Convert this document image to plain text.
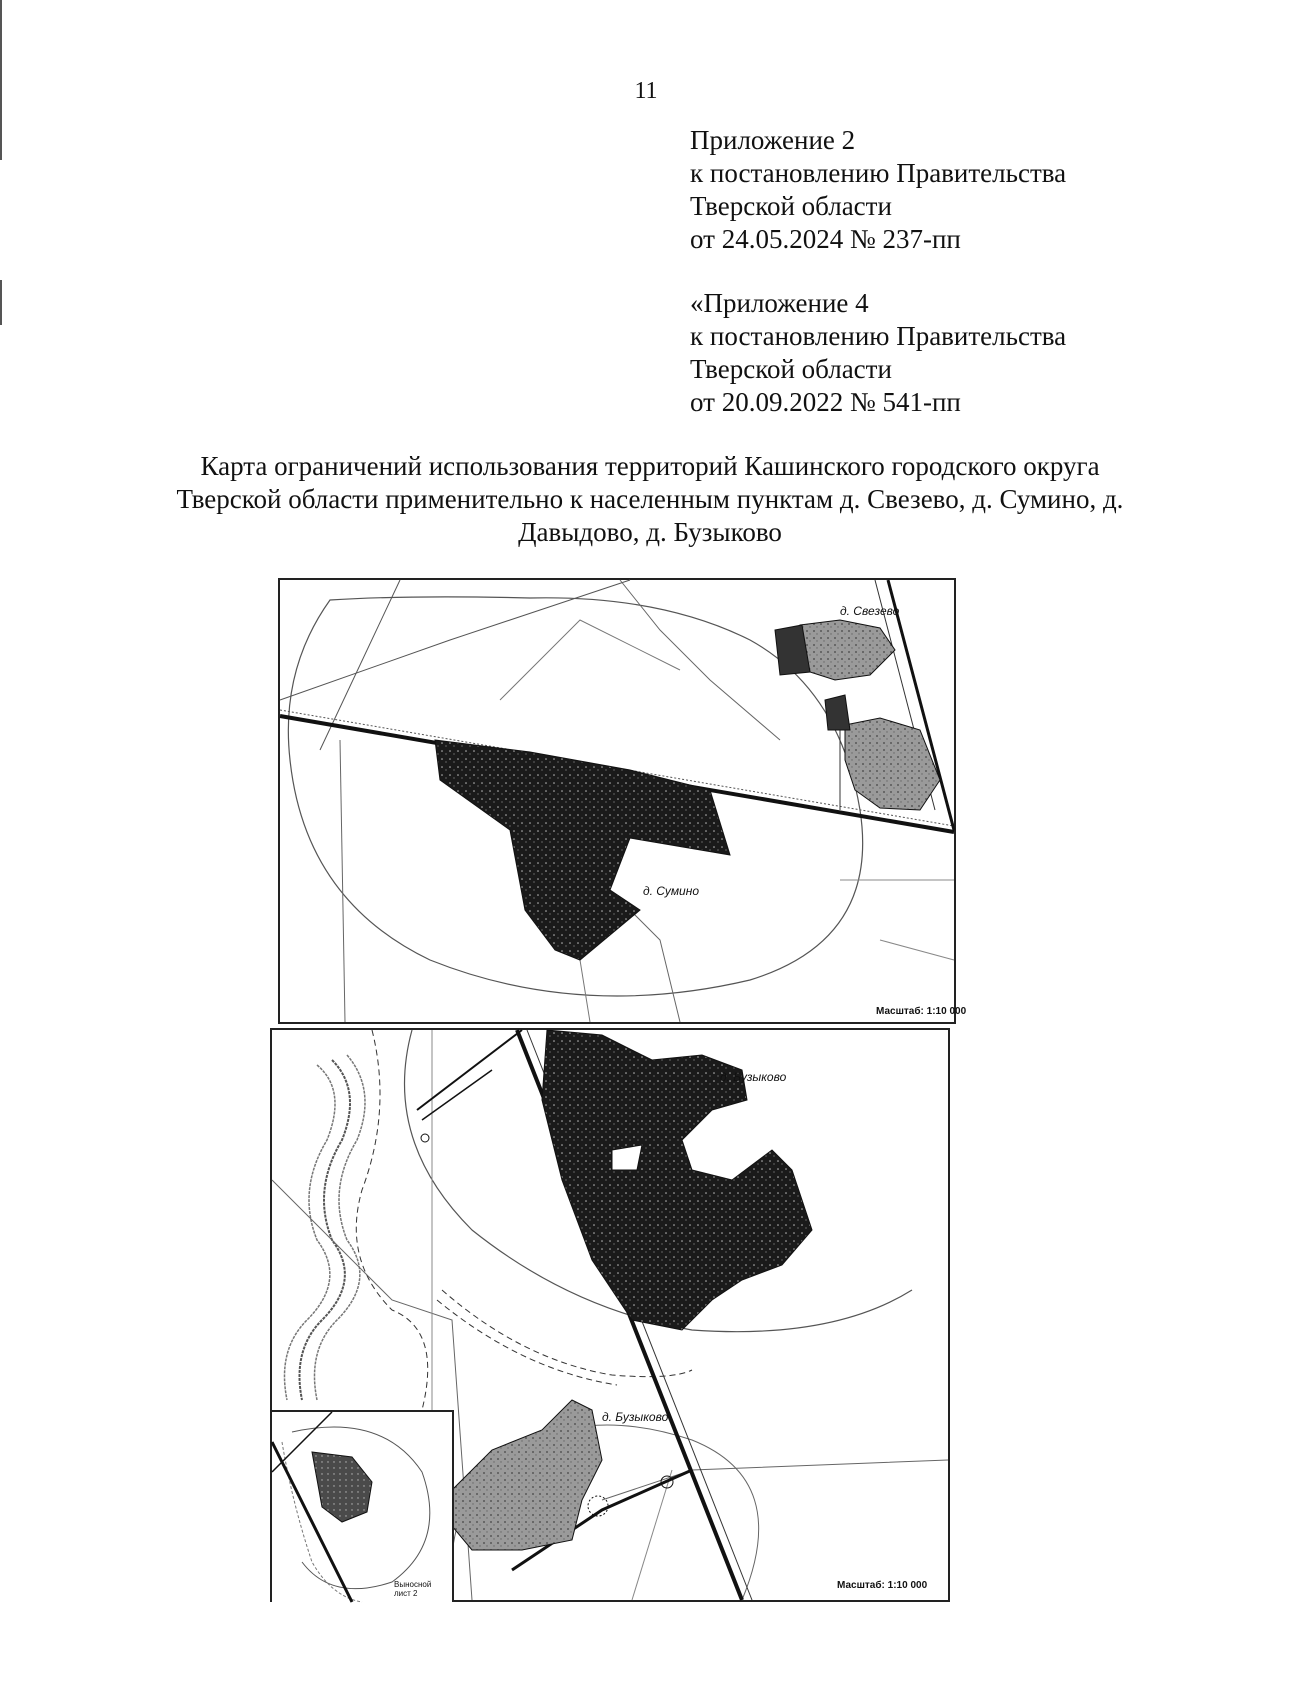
11
Приложение 2
к постановлению Правительства
Тверской области
от 24.05.2024 № 237-пп
«Приложение 4
к постановлению Правительства
Тверской области
от 20.09.2022 № 541-пп
Карта ограничений использования территорий Кашинского городского округа Тверской области применительно к населенным пунктам д. Свезево, д. Сумино, д. Давыдово, д. Бузыково
д. Свезево
д. Сумино
Масштаб: 1:10 000
Выносной лист 2
д. Бузыково
д. Бузыково
Масштаб: 1:10 000
